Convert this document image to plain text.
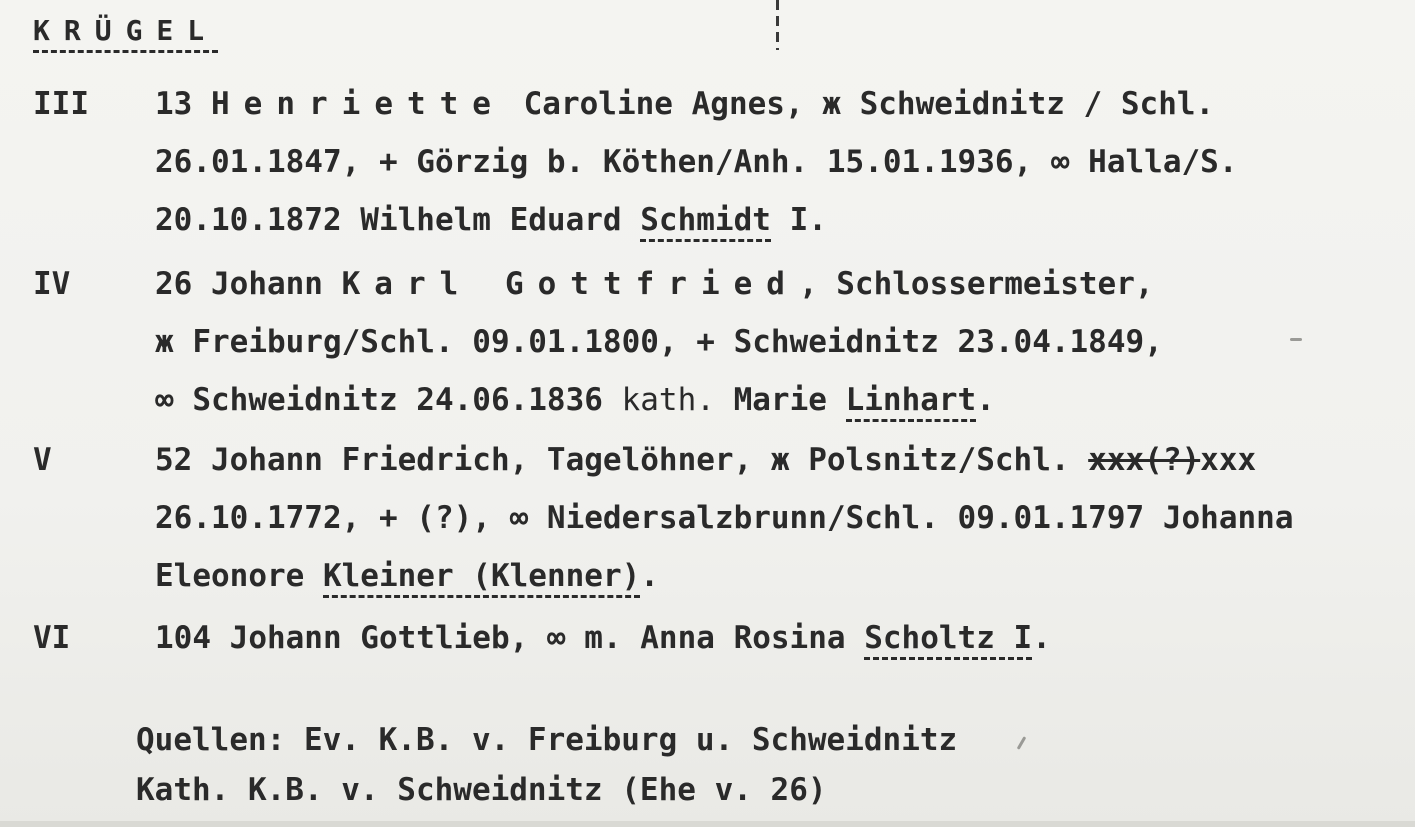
KRÜGEL
III	13 Henriette Caroline Agnes, ж Schweidnitz / Schl.
26.01.1847, + Görzig b. Köthen/Anh. 15.01.1936, ∞ Halla/S.
20.10.1872 Wilhelm Eduard Schmidt I.
IV	26 Johann Karl Gottfried, Schlossermeister,
ж Freiburg/Schl. 09.01.1800, + Schweidnitz 23.04.1849,
∞ Schweidnitz 24.06.1836 kath. Marie Linhart.
V	52 Johann Friedrich, Tagelöhner, ж Polsnitz/Schl. xxx(?)xxx
26.10.1772, + (?), ∞ Niedersalzbrunn/Schl. 09.01.1797 Johanna
Eleonore Kleiner (Klenner).
VI	104 Johann Gottlieb, ∞ m. Anna Rosina Scholtz I.
Quellen: Ev. K.B. v. Freiburg u. Schweidnitz
Kath. K.B. v. Schweidnitz (Ehe v. 26)
